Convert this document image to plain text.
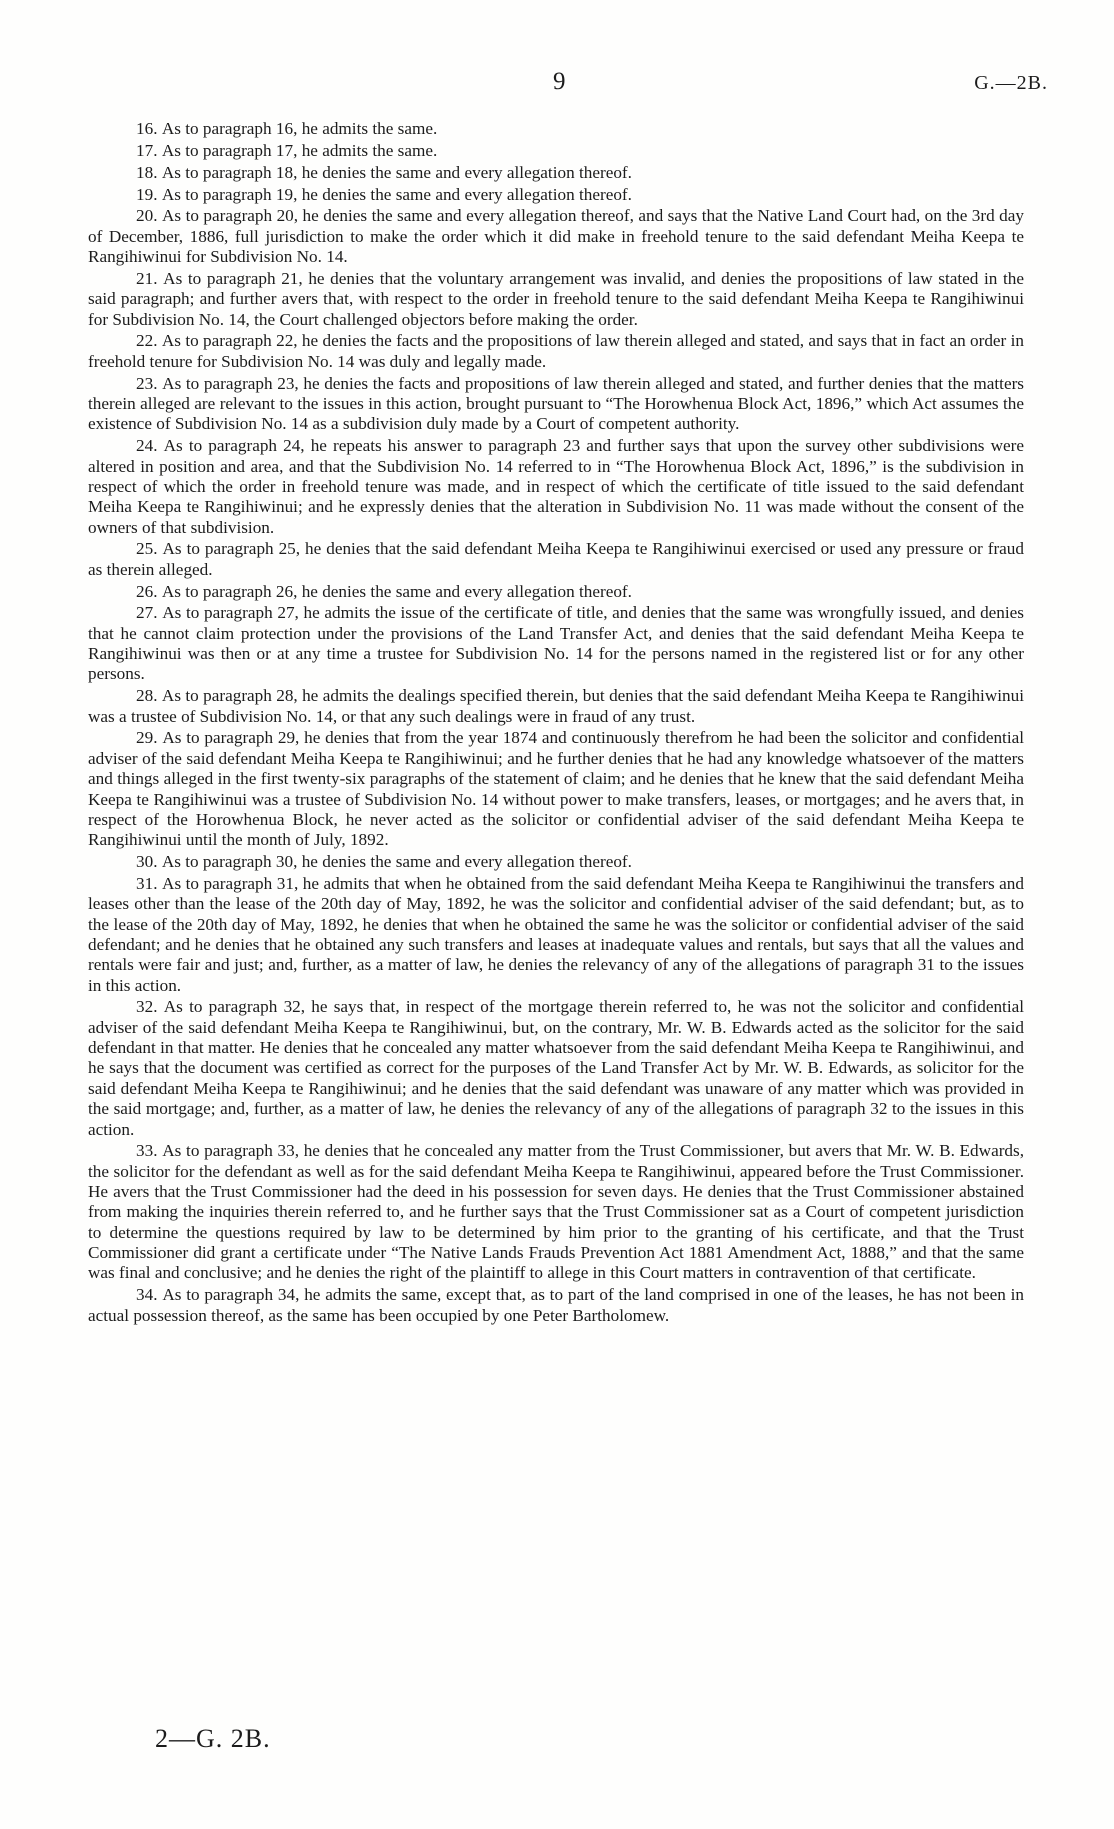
9	G.—2B.

16. As to paragraph 16, he admits the same.

17. As to paragraph 17, he admits the same.

18. As to paragraph 18, he denies the same and every allegation thereof.

19. As to paragraph 19, he denies the same and every allegation thereof.

20. As to paragraph 20, he denies the same and every allegation thereof, and says that the Native Land Court had, on the 3rd day of December, 1886, full jurisdiction to make the order which it did make in freehold tenure to the said defendant Meiha Keepa te Rangihiwinui for Subdivision No. 14.

21. As to paragraph 21, he denies that the voluntary arrangement was invalid, and denies the propositions of law stated in the said paragraph; and further avers that, with respect to the order in freehold tenure to the said defendant Meiha Keepa te Rangihiwinui for Subdivision No. 14, the Court challenged objectors before making the order.

22. As to paragraph 22, he denies the facts and the propositions of law therein alleged and stated, and says that in fact an order in freehold tenure for Subdivision No. 14 was duly and legally made.

23. As to paragraph 23, he denies the facts and propositions of law therein alleged and stated, and further denies that the matters therein alleged are relevant to the issues in this action, brought pursuant to “The Horowhenua Block Act, 1896,” which Act assumes the existence of Subdivision No. 14 as a subdivision duly made by a Court of competent authority.

24. As to paragraph 24, he repeats his answer to paragraph 23 and further says that upon the survey other subdivisions were altered in position and area, and that the Subdivision No. 14 referred to in “The Horowhenua Block Act, 1896,” is the subdivision in respect of which the order in freehold tenure was made, and in respect of which the certificate of title issued to the said defendant Meiha Keepa te Rangihiwinui; and he expressly denies that the alteration in Subdivision No. 11 was made without the consent of the owners of that subdivision.

25. As to paragraph 25, he denies that the said defendant Meiha Keepa te Rangihiwinui exercised or used any pressure or fraud as therein alleged.

26. As to paragraph 26, he denies the same and every allegation thereof.

27. As to paragraph 27, he admits the issue of the certificate of title, and denies that the same was wrongfully issued, and denies that he cannot claim protection under the provisions of the Land Transfer Act, and denies that the said defendant Meiha Keepa te Rangihiwinui was then or at any time a trustee for Subdivision No. 14 for the persons named in the registered list or for any other persons.

28. As to paragraph 28, he admits the dealings specified therein, but denies that the said defendant Meiha Keepa te Rangihiwinui was a trustee of Subdivision No. 14, or that any such dealings were in fraud of any trust.

29. As to paragraph 29, he denies that from the year 1874 and continuously therefrom he had been the solicitor and confidential adviser of the said defendant Meiha Keepa te Rangihiwinui; and he further denies that he had any knowledge whatsoever of the matters and things alleged in the first twenty-six paragraphs of the statement of claim; and he denies that he knew that the said defendant Meiha Keepa te Rangihiwinui was a trustee of Subdivision No. 14 without power to make transfers, leases, or mortgages; and he avers that, in respect of the Horowhenua Block, he never acted as the solicitor or confidential adviser of the said defendant Meiha Keepa te Rangihiwinui until the month of July, 1892.

30. As to paragraph 30, he denies the same and every allegation thereof.

31. As to paragraph 31, he admits that when he obtained from the said defendant Meiha Keepa te Rangihiwinui the transfers and leases other than the lease of the 20th day of May, 1892, he was the solicitor and confidential adviser of the said defendant; but, as to the lease of the 20th day of May, 1892, he denies that when he obtained the same he was the solicitor or confidential adviser of the said defendant; and he denies that he obtained any such transfers and leases at inadequate values and rentals, but says that all the values and rentals were fair and just; and, further, as a matter of law, he denies the relevancy of any of the allegations of paragraph 31 to the issues in this action.

32. As to paragraph 32, he says that, in respect of the mortgage therein referred to, he was not the solicitor and confidential adviser of the said defendant Meiha Keepa te Rangihiwinui, but, on the contrary, Mr. W. B. Edwards acted as the solicitor for the said defendant in that matter. He denies that he concealed any matter whatsoever from the said defendant Meiha Keepa te Rangihiwinui, and he says that the document was certified as correct for the purposes of the Land Transfer Act by Mr. W. B. Edwards, as solicitor for the said defendant Meiha Keepa te Rangihiwinui; and he denies that the said defendant was unaware of any matter which was provided in the said mortgage; and, further, as a matter of law, he denies the relevancy of any of the allegations of paragraph 32 to the issues in this action.

33. As to paragraph 33, he denies that he concealed any matter from the Trust Commissioner, but avers that Mr. W. B. Edwards, the solicitor for the defendant as well as for the said defendant Meiha Keepa te Rangihiwinui, appeared before the Trust Commissioner. He avers that the Trust Commissioner had the deed in his possession for seven days. He denies that the Trust Commissioner abstained from making the inquiries therein referred to, and he further says that the Trust Commissioner sat as a Court of competent jurisdiction to determine the questions required by law to be determined by him prior to the granting of his certificate, and that the Trust Commissioner did grant a certificate under “The Native Lands Frauds Prevention Act 1881 Amendment Act, 1888,” and that the same was final and conclusive; and he denies the right of the plaintiff to allege in this Court matters in contravention of that certificate.

34. As to paragraph 34, he admits the same, except that, as to part of the land comprised in one of the leases, he has not been in actual possession thereof, as the same has been occupied by one Peter Bartholomew.

2—G. 2B.
